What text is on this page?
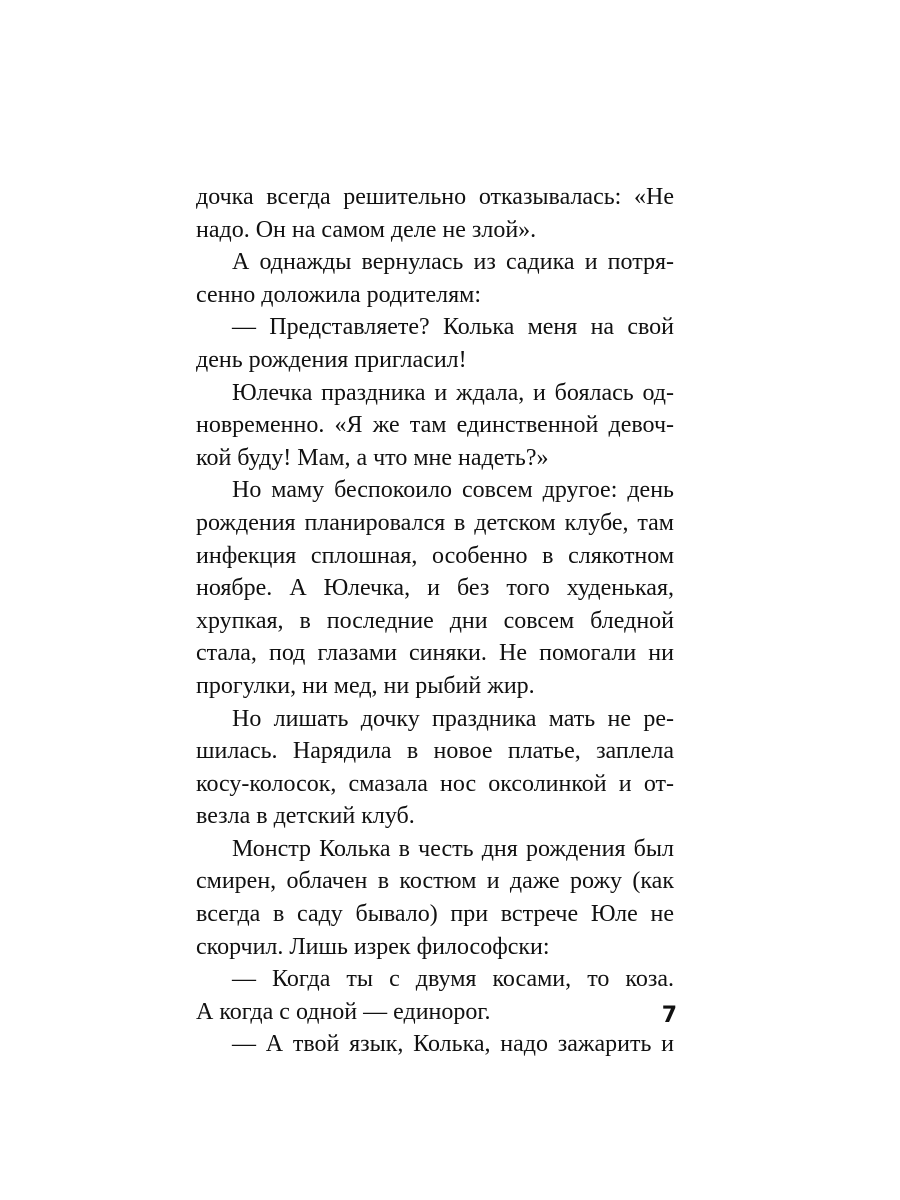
дочка всегда решительно отказывалась: «Не
надо. Он на самом деле не злой».
А однажды вернулась из садика и потря-
сенно доложила родителям:
— Представляете? Колька меня на свой
день рождения пригласил!
Юлечка праздника и ждала, и боялась од-
новременно. «Я же там единственной девоч-
кой буду! Мам, а что мне надеть?»
Но маму беспокоило совсем другое: день
рождения планировался в детском клубе, там
инфекция сплошная, особенно в слякотном
ноябре. А Юлечка, и без того худенькая,
хрупкая, в последние дни совсем бледной
стала, под глазами синяки. Не помогали ни
прогулки, ни мед, ни рыбий жир.
Но лишать дочку праздника мать не ре-
шилась. Нарядила в новое платье, заплела
косу-колосок, смазала нос оксолинкой и от-
везла в детский клуб.
Монстр Колька в честь дня рождения был
смирен, облачен в костюм и даже рожу (как
всегда в саду бывало) при встрече Юле не
скорчил. Лишь изрек философски:
— Когда ты с двумя косами, то коза.
А когда с одной — единорог.
— А твой язык, Колька, надо зажарить и
7
